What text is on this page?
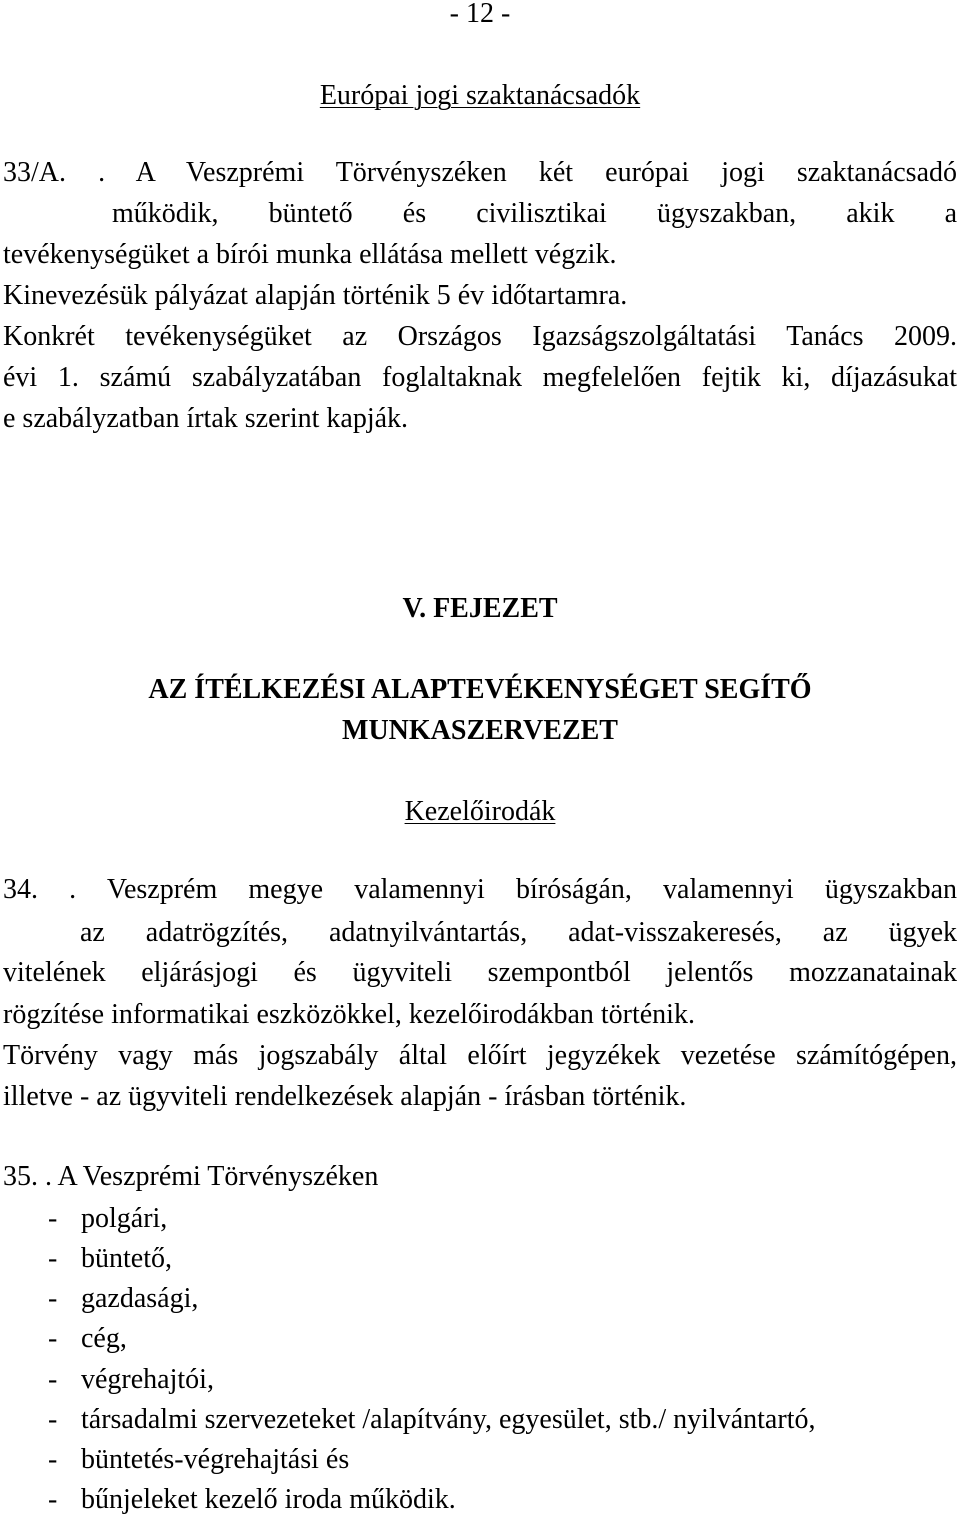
- 12 -
Európai jogi szaktanácsadók
33/A. . A Veszprémi Törvényszéken két európai jogi szaktanácsadó
működik, büntető és civilisztikai ügyszakban, akik a
tevékenységüket a bírói munka ellátása mellett végzik.
Kinevezésük pályázat alapján történik 5 év időtartamra.
Konkrét tevékenységüket az Országos Igazságszolgáltatási Tanács 2009.
évi 1. számú szabályzatában foglaltaknak megfelelően fejtik ki, díjazásukat
e szabályzatban írtak szerint kapják.
V. FEJEZET
AZ ÍTÉLKEZÉSI ALAPTEVÉKENYSÉGET SEGÍTŐ
MUNKASZERVEZET
Kezelőirodák
34. . Veszprém megye valamennyi bíróságán, valamennyi ügyszakban
az adatrögzítés, adatnyilvántartás, adat-visszakeresés, az ügyek
vitelének eljárásjogi és ügyviteli szempontból jelentős mozzanatainak
rögzítése informatikai eszközökkel, kezelőirodákban történik.
Törvény vagy más jogszabály által előírt jegyzékek vezetése számítógépen,
illetve - az ügyviteli rendelkezések alapján - írásban történik.
35. . A Veszprémi Törvényszéken
- polgári,
- büntető,
- gazdasági,
- cég,
- végrehajtói,
- társadalmi szervezeteket /alapítvány, egyesület, stb./ nyilvántartó,
- büntetés-végrehajtási és
- bűnjeleket kezelő iroda működik.
